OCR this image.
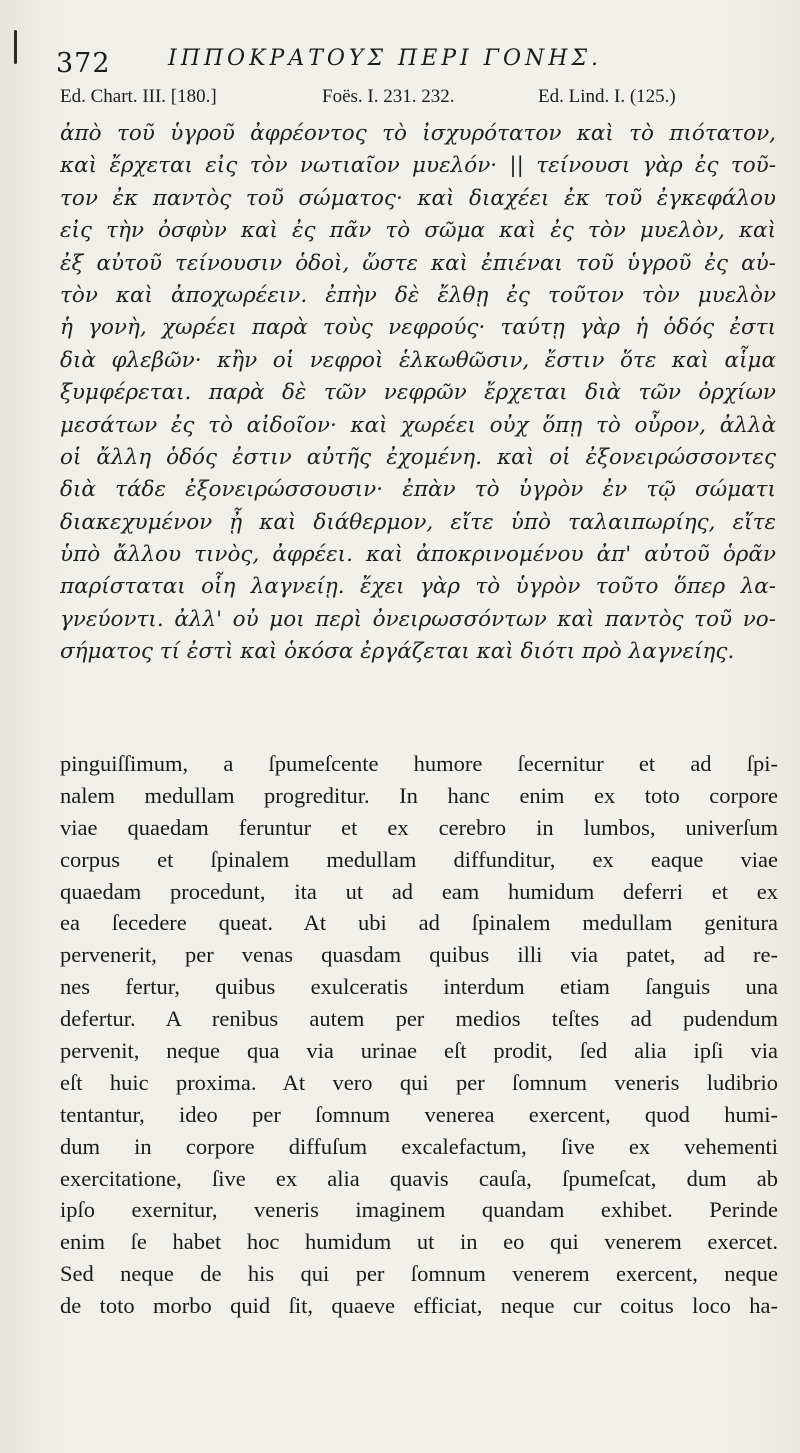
372	ΙΠΠΟΚΡΑΤΟΥΣ ΠΕΡΙ ΓΟΝΗΣ.
Ed. Chart. III. [180.]	Foës. I. 231. 232.	Ed. Lind. I. (125.)
ἀπὸ τοῦ ὑγροῦ ἀφρέοντος τὸ ἰσχυρότατον καὶ τὸ πιότατον,
καὶ ἔρχεται εἰς τὸν νωτιαῖον μυελόν· || τείνουσι γὰρ ἐς τοῦ-
τον ἐκ παντὸς τοῦ σώματος· καὶ διαχέει ἐκ τοῦ ἐγκεφάλου
εἰς τὴν ὀσφὺν καὶ ἐς πᾶν τὸ σῶμα καὶ ἐς τὸν μυελὸν, καὶ
ἐξ αὐτοῦ τείνουσιν ὁδοὶ, ὥστε καὶ ἐπιέναι τοῦ ὑγροῦ ἐς αὐ-
τὸν καὶ ἀποχωρέειν. ἐπὴν δὲ ἔλθῃ ἐς τοῦτον τὸν μυελὸν
ἡ γονὴ, χωρέει παρὰ τοὺς νεφρούς· ταύτῃ γὰρ ἡ ὁδός ἐστι
διὰ φλεβῶν· κἢν οἱ νεφροὶ ἑλκωθῶσιν, ἔστιν ὅτε καὶ αἷμα
ξυμφέρεται. παρὰ δὲ τῶν νεφρῶν ἔρχεται διὰ τῶν ὀρχίων
μεσάτων ἐς τὸ αἰδοῖον· καὶ χωρέει οὐχ ὅπῃ τὸ οὖρον, ἀλλὰ
οἱ ἄλλη ὁδός ἐστιν αὐτῆς ἐχομένη. καὶ οἱ ἐξονειρώσσοντες
διὰ τάδε ἐξονειρώσσουσιν· ἐπὰν τὸ ὑγρὸν ἐν τῷ σώματι
διακεχυμένον ᾖ καὶ διάθερμον, εἴτε ὑπὸ ταλαιπωρίης, εἴτε
ὑπὸ ἄλλου τινὸς, ἀφρέει. καὶ ἀποκρινομένου ἀπ' αὐτοῦ ὁρᾶν
παρίσταται οἷη λαγνείῃ. ἔχει γὰρ τὸ ὑγρὸν τοῦτο ὅπερ λα-
γνεύοντι. ἀλλ' οὐ μοι περὶ ὀνειρωσσόντων καὶ παντὸς τοῦ νο-
σήματος τί ἐστὶ καὶ ὁκόσα ἐργάζεται καὶ διότι πρὸ λαγνείης.
pinguiſſimum, a ſpumeſcente humore ſecernitur et ad ſpi-
nalem medullam progreditur. In hanc enim ex toto corpore
viae quaedam feruntur et ex cerebro in lumbos, univerſum
corpus et ſpinalem medullam diffunditur, ex eaque viae
quaedam procedunt, ita ut ad eam humidum deferri et ex
ea ſecedere queat. At ubi ad ſpinalem medullam genitura
pervenerit, per venas quasdam quibus illi via patet, ad re-
nes fertur, quibus exulceratis interdum etiam ſanguis una
defertur. A renibus autem per medios teſtes ad pudendum
pervenit, neque qua via urinae eſt prodit, ſed alia ipſi via
eſt huic proxima. At vero qui per ſomnum veneris ludibrio
tentantur, ideo per ſomnum venerea exercent, quod humi-
dum in corpore diffuſum excalefactum, ſive ex vehementi
exercitatione, ſive ex alia quavis cauſa, ſpumeſcat, dum ab
ipſo exernitur, veneris imaginem quandam exhibet. Perinde
enim ſe habet hoc humidum ut in eo qui venerem exercet.
Sed neque de his qui per ſomnum venerem exercent, neque
de toto morbo quid ſit, quaeve efficiat, neque cur coitus loco ha-
